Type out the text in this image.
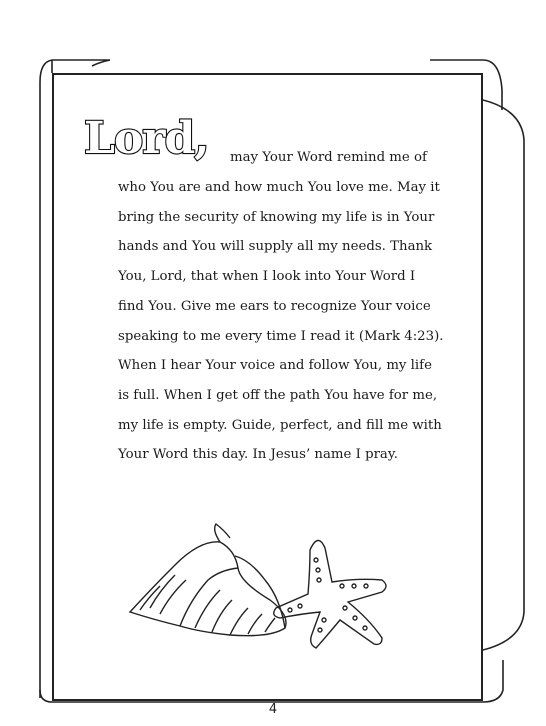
Lord, may Your Word remind me of
who You are and how much You love me. May it
bring the security of knowing my life is in Your
hands and You will supply all my needs. Thank
You, Lord, that when I look into Your Word I
find You. Give me ears to recognize Your voice
speaking to me every time I read it (Mark 4:23).
When I hear Your voice and follow You, my life
is full. When I get off the path You have for me,
my life is empty. Guide, perfect, and fill me with
Your Word this day. In Jesus’ name I pray.
4
